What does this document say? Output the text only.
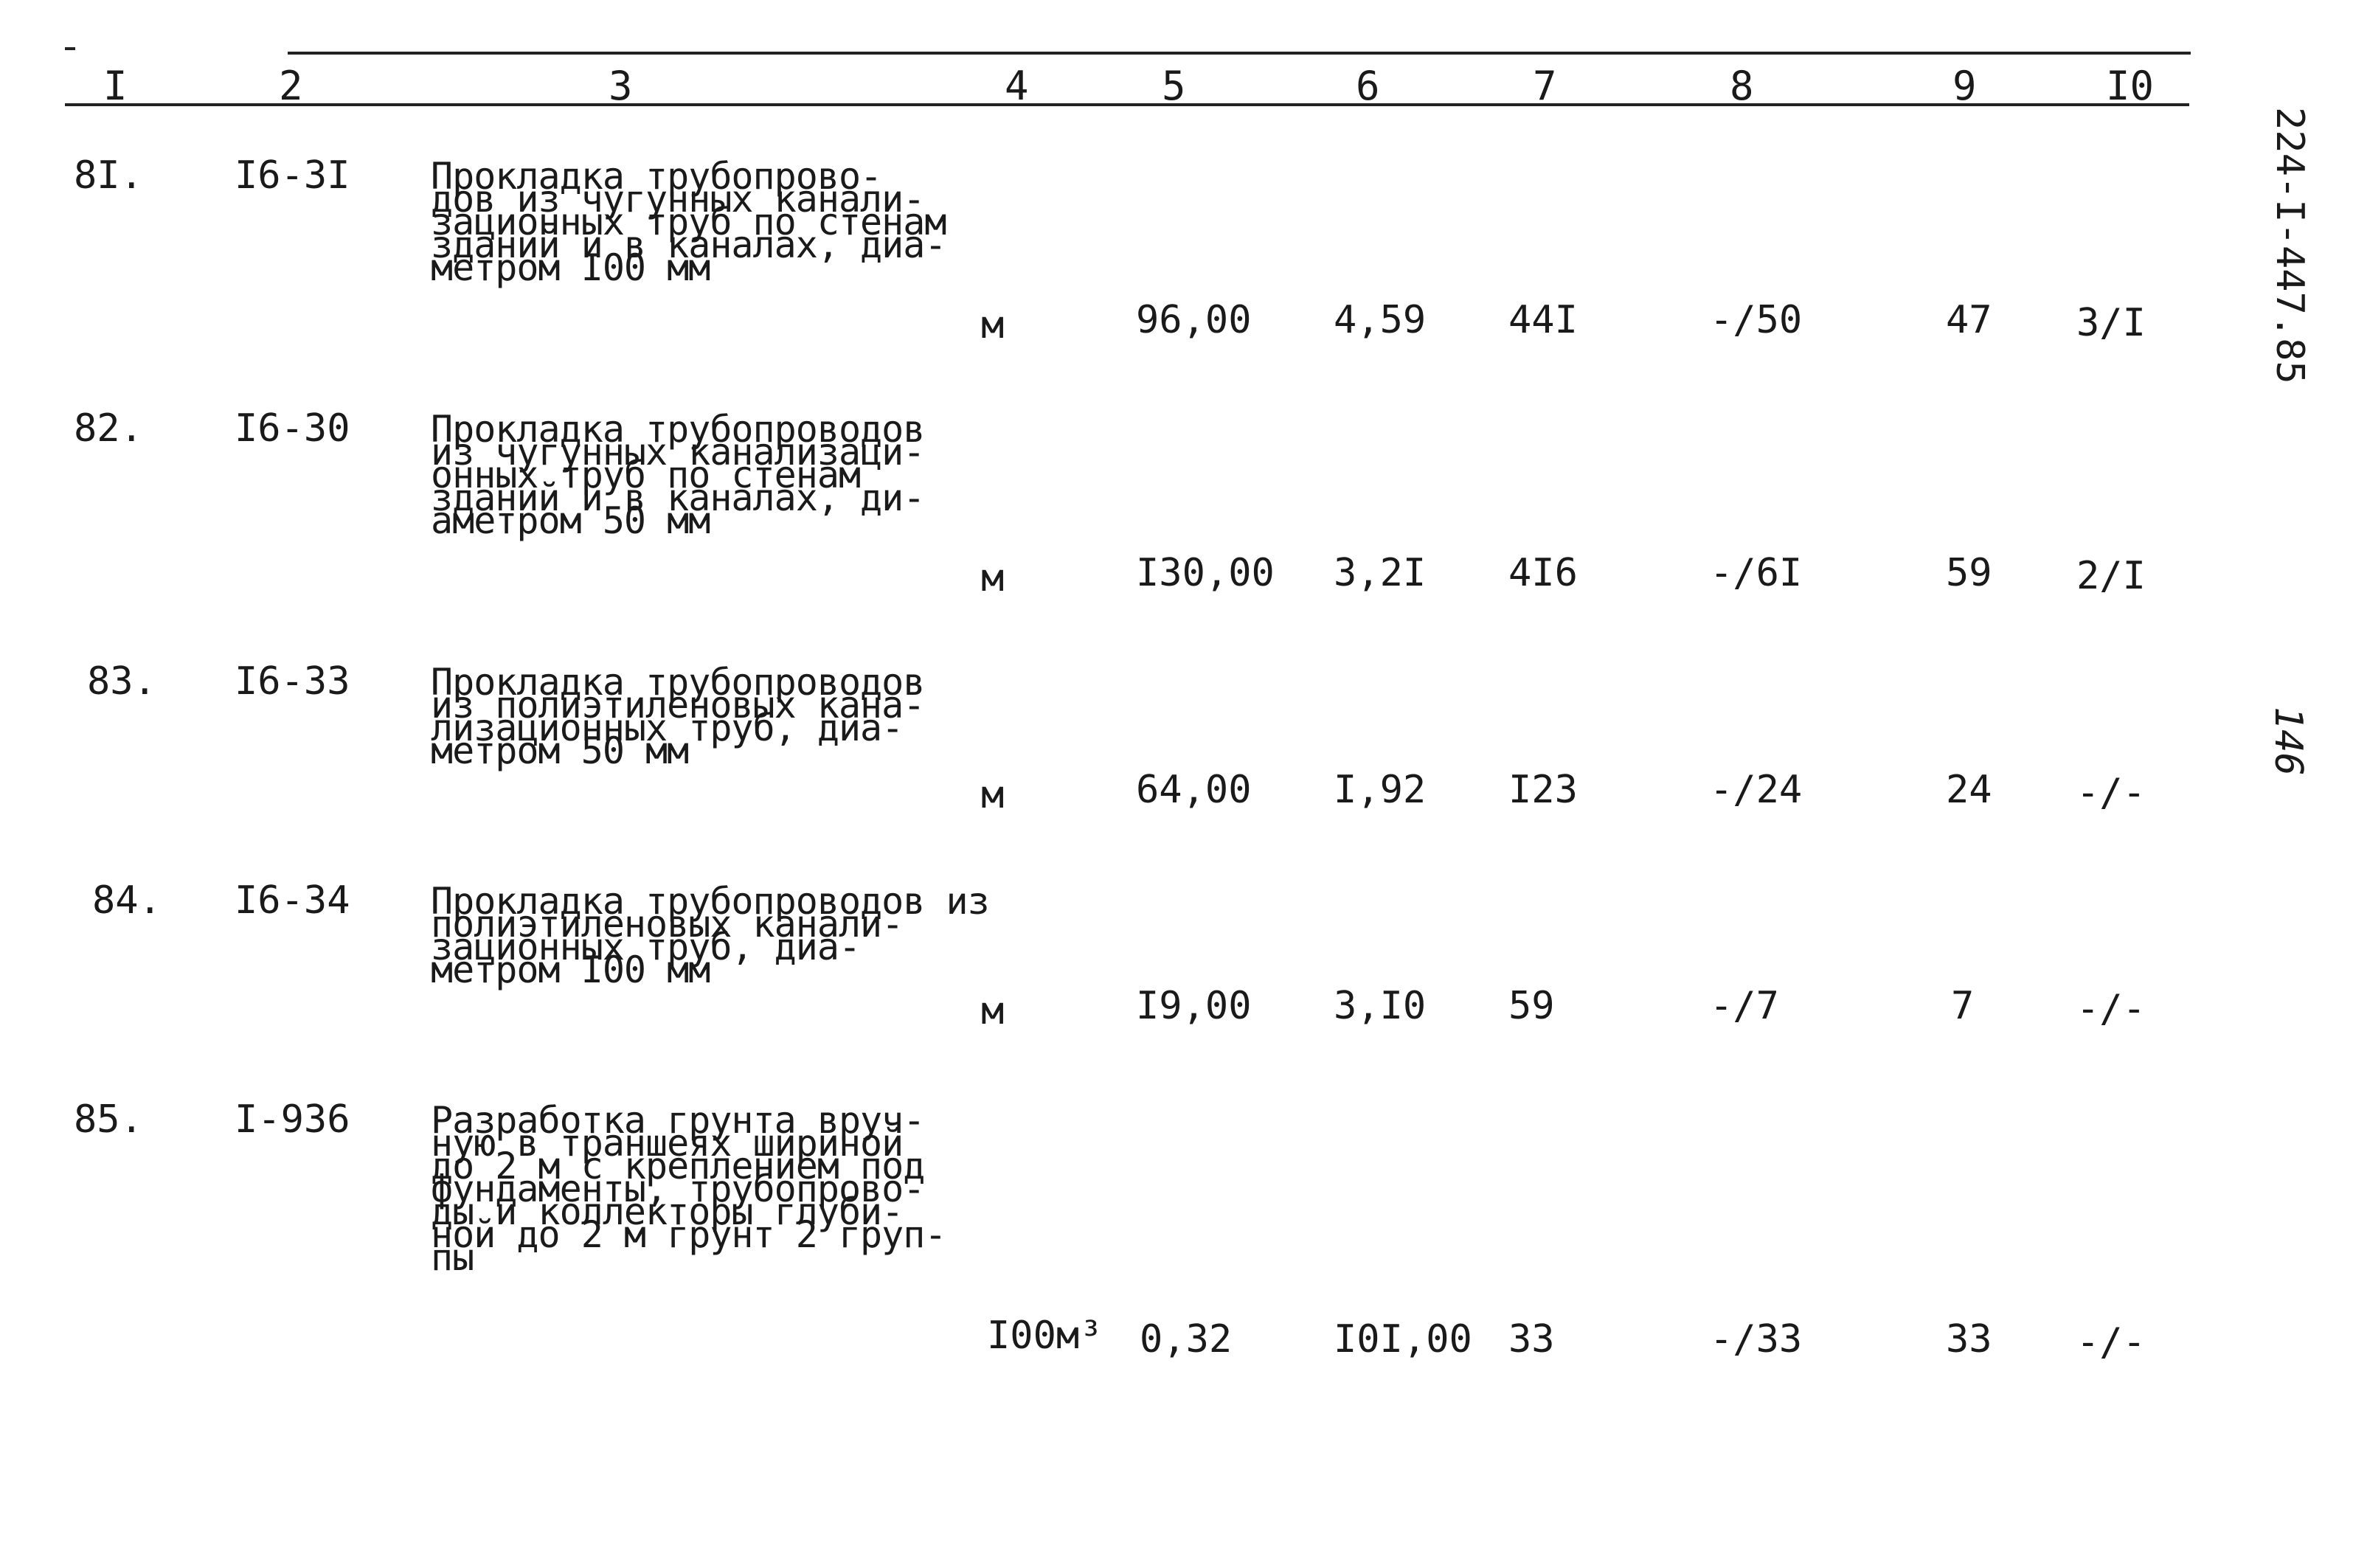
I	2	3	4	5	6	7	8	9	I0
8I. I6-3I Прокладка трубопрово-
дов из чугунных канали-
зационных труб по стенам
зданий и в каналах, диа-
метром I00 мм
м	96,00 4,59 44I	-/50	47 3/I
82. I6-30 Прокладка трубопроводов
из чугунных канализаци-
онных труб по стенам
зданий и в каналах, ди-
аметром 50 мм
м	I30,00 3,2I 4I6	-/6I	59 2/I
83. I6-33 Прокладка трубопроводов
из полиэтиленовых кана-
лизационных труб, диа-
метром 50 мм
м	64,00 I,92 I23	-/24	24 -/-
84. I6-34 Прокладка трубопроводов из
полиэтиленовых канали-
зационных труб, диа-
метром I00 мм
м	I9,00 3,I0 59	-/7	7	-/-
85. I-936 Разработка грунта вруч-
ную в траншеях шириной
до 2 м с креплением под
фундаменты, трубопрово-
ды и коллекторы глуби-
ной до 2 м грунт 2 груп-
пы
I00м³ 0,32	I0I,00 33	-/33	33 -/-
224-I-447.85
146
